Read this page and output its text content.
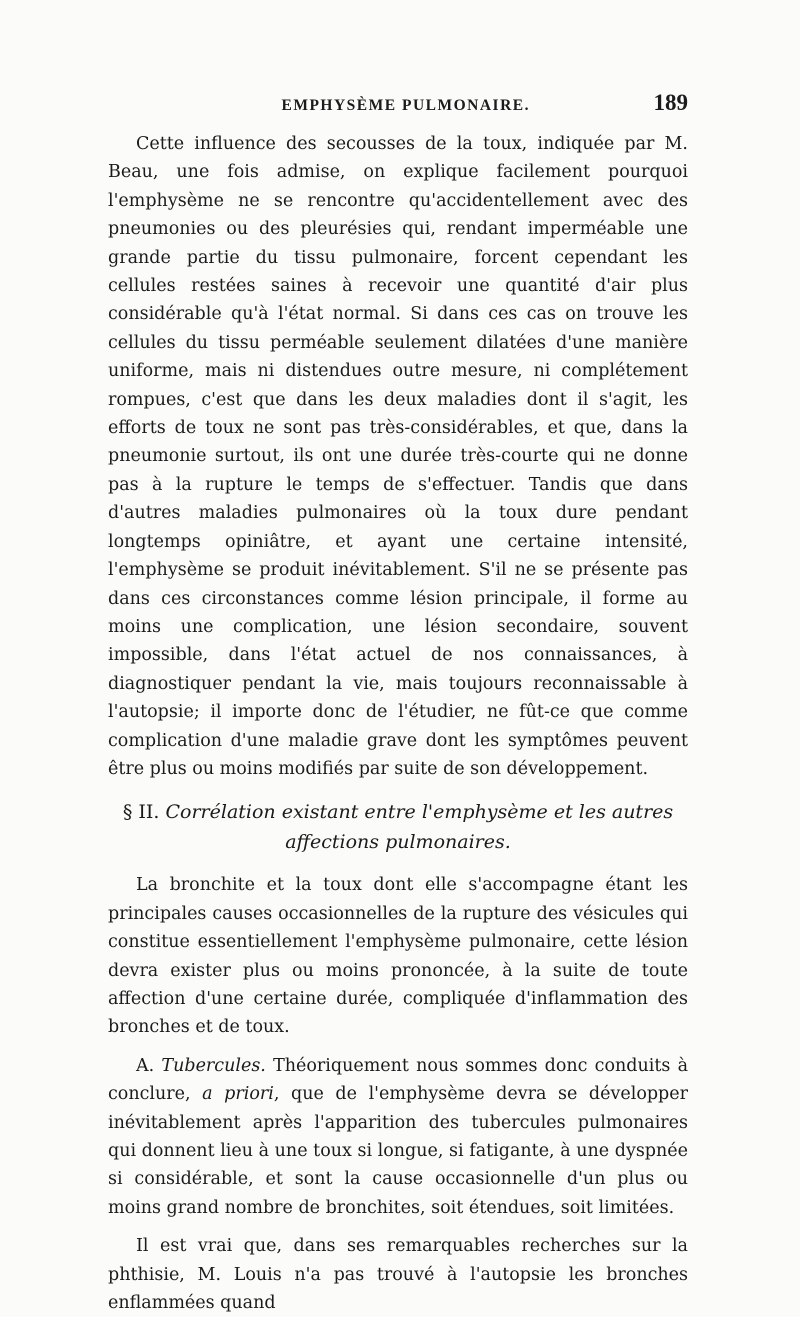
EMPHYSÈME PULMONAIRE.	189

Cette influence des secousses de la toux, indiquée par M. Beau, une fois admise, on explique facilement pourquoi l'emphysème ne se rencontre qu'accidentellement avec des pneumonies ou des pleurésies qui, rendant imperméable une grande partie du tissu pulmonaire, forcent cependant les cellules restées saines à recevoir une quantité d'air plus considérable qu'à l'état normal. Si dans ces cas on trouve les cellules du tissu perméable seulement dilatées d'une manière uniforme, mais ni distendues outre mesure, ni complétement rompues, c'est que dans les deux maladies dont il s'agit, les efforts de toux ne sont pas très-considérables, et que, dans la pneumonie surtout, ils ont une durée très-courte qui ne donne pas à la rupture le temps de s'effectuer. Tandis que dans d'autres maladies pulmonaires où la toux dure pendant longtemps opiniâtre, et ayant une certaine intensité, l'emphysème se produit inévitablement. S'il ne se présente pas dans ces circonstances comme lésion principale, il forme au moins une complication, une lésion secondaire, souvent impossible, dans l'état actuel de nos connaissances, à diagnostiquer pendant la vie, mais toujours reconnaissable à l'autopsie; il importe donc de l'étudier, ne fût-ce que comme complication d'une maladie grave dont les symptômes peuvent être plus ou moins modifiés par suite de son développement.

§ II. Corrélation existant entre l'emphysème et les autres affections pulmonaires.

La bronchite et la toux dont elle s'accompagne étant les principales causes occasionnelles de la rupture des vésicules qui constitue essentiellement l'emphysème pulmonaire, cette lésion devra exister plus ou moins prononcée, à la suite de toute affection d'une certaine durée, compliquée d'inflammation des bronches et de toux.

A. Tubercules. Théoriquement nous sommes donc conduits à conclure, a priori, que de l'emphysème devra se développer inévitablement après l'apparition des tubercules pulmonaires qui donnent lieu à une toux si longue, si fatigante, à une dyspnée si considérable, et sont la cause occasionnelle d'un plus ou moins grand nombre de bronchites, soit étendues, soit limitées.

Il est vrai que, dans ses remarquables recherches sur la phthisie, M. Louis n'a pas trouvé à l'autopsie les bronches enflammées quand
